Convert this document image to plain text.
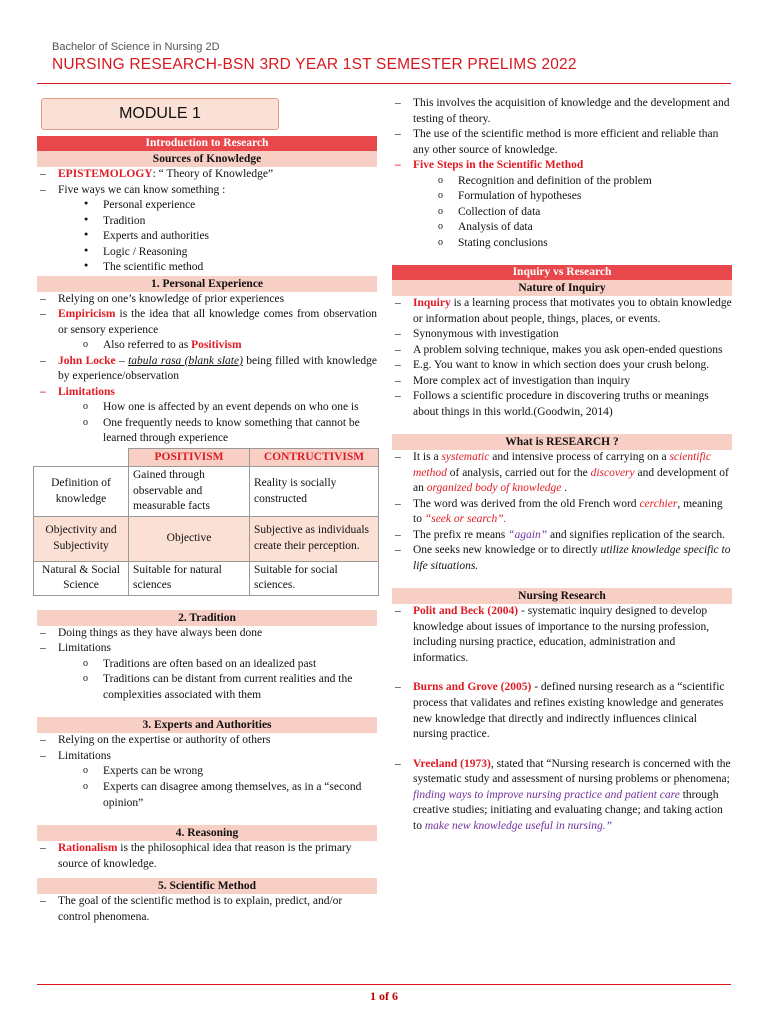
Bachelor of Science in Nursing 2D
NURSING RESEARCH-BSN 3RD YEAR 1ST SEMESTER PRELIMS 2022
MODULE 1
Introduction to Research
Sources of Knowledge
– EPISTEMOLOGY: “ Theory of Knowledge”
– Five ways we can know something :
● Personal experience
● Tradition
● Experts and authorities
● Logic / Reasoning
● The scientific method
1. Personal Experience
– Relying on one’s knowledge of prior experiences
– Empiricism is the idea that all knowledge comes from observation or sensory experience
o Also referred to as Positivism
– John Locke – tabula rasa (blank slate) being filled with knowledge by experience/observation
– Limitations
o How one is affected by an event depends on who one is
o One frequently needs to know something that cannot be learned through experience
	POSITIVISM	CONTRUCTIVISM
Definition of knowledge	Gained through observable and measurable facts	Reality is socially constructed
Objectivity and Subjectivity	Objective	Subjective as individuals create their perception.
Natural & Social Science	Suitable for natural sciences	Suitable for social sciences.
2. Tradition
– Doing things as they have always been done
– Limitations
o Traditions are often based on an idealized past
o Traditions can be distant from current realities and the complexities associated with them
3. Experts and Authorities
– Relying on the expertise or authority of others
– Limitations
o Experts can be wrong
o Experts can disagree among themselves, as in a “second opinion”
4. Reasoning
– Rationalism is the philosophical idea that reason is the primary source of knowledge.
5. Scientific Method
– The goal of the scientific method is to explain, predict, and/or control phenomena.
– This involves the acquisition of knowledge and the development and testing of theory.
– The use of the scientific method is more efficient and reliable than any other source of knowledge.
– Five Steps in the Scientific Method
o Recognition and definition of the problem
o Formulation of hypotheses
o Collection of data
o Analysis of data
o Stating conclusions
Inquiry vs Research
Nature of Inquiry
– Inquiry is a learning process that motivates you to obtain knowledge or information about people, things, places, or events.
– Synonymous with investigation
– A problem solving technique, makes you ask open-ended questions
– E.g. You want to know in which section does your crush belong.
– More complex act of investigation than inquiry
– Follows a scientific procedure in discovering truths or meanings about things in this world.(Goodwin, 2014)
What is RESEARCH ?
– It is a systematic and intensive process of carrying on a scientific method of analysis, carried out for the discovery and development of an organized body of knowledge .
– The word was derived from the old French word cerchier, meaning to “seek or search”.
– The prefix re means “again” and signifies replication of the search.
– One seeks new knowledge or to directly utilize knowledge specific to life situations.
Nursing Research
– Polit and Beck (2004) - systematic inquiry designed to develop knowledge about issues of importance to the nursing profession, including nursing practice, education, administration and informatics.
– Burns and Grove (2005) - defined nursing research as a “scientific process that validates and refines existing knowledge and generates new knowledge that directly and indirectly influences clinical nursing practice.
– Vreeland (1973), stated that “Nursing research is concerned with the systematic study and assessment of nursing problems or phenomena; finding ways to improve nursing practice and patient care through creative studies; initiating and evaluating change; and taking action to make new knowledge useful in nursing.”
1 of 6
